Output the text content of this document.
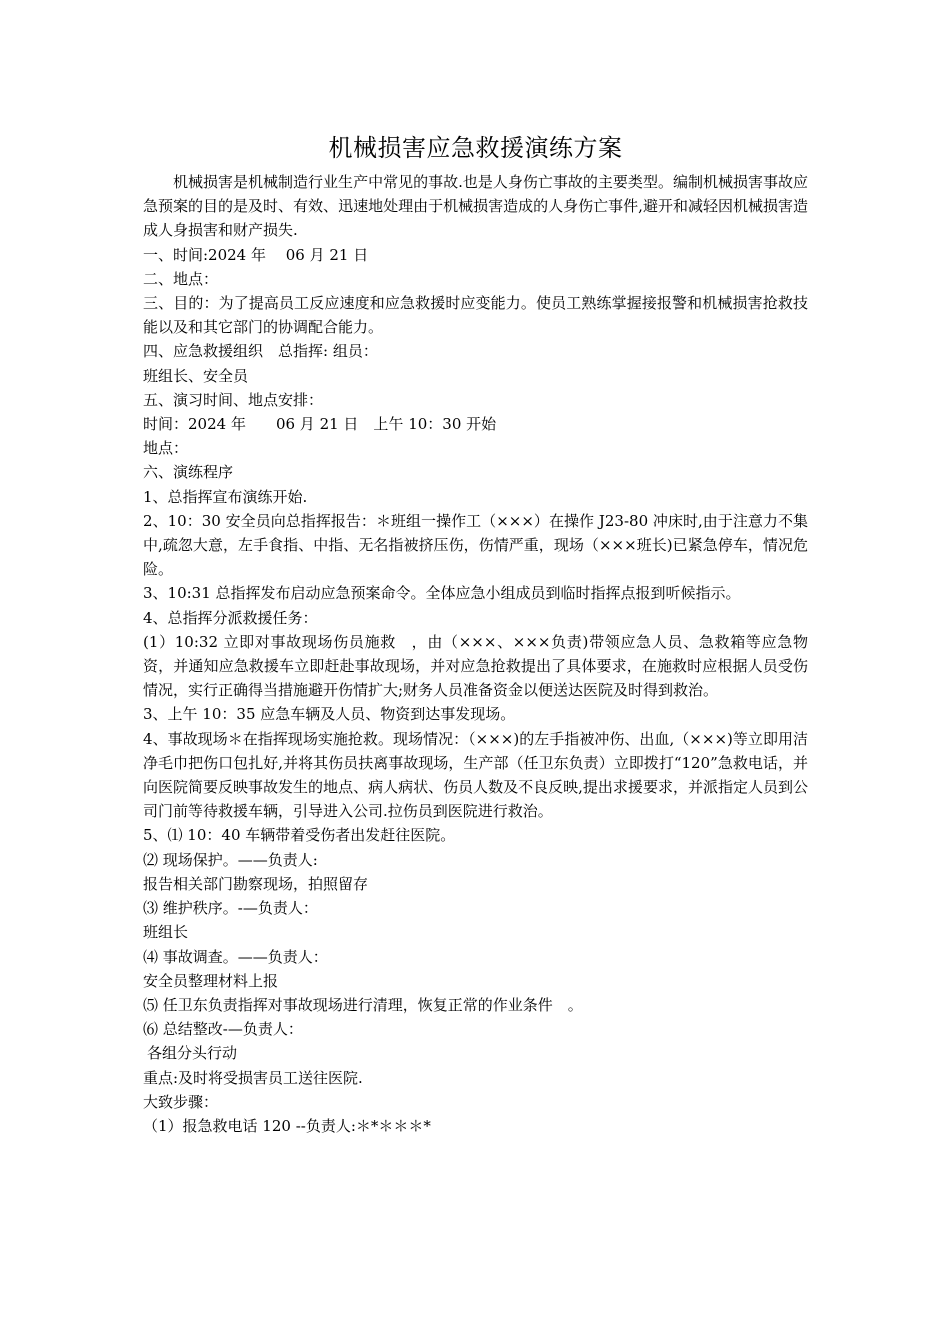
机械损害应急救援演练方案

机械损害是机械制造行业生产中常见的事故.也是人身伤亡事故的主要类型。编制机械损害事故应急预案的目的是及时、有效、迅速地处理由于机械损害造成的人身伤亡事件,避开和减轻因机械损害造成人身损害和财产损失.

一、时间:2024 年　 06 月 21 日

二、地点：

三、目的：为了提高员工反应速度和应急救援时应变能力。使员工熟练掌握接报警和机械损害抢救技能以及和其它部门的协调配合能力。

四、应急救援组织　总指挥: 组员：

班组长、安全员

五、演习时间、地点安排：

时间：2024 年　　06 月 21 日　上午 10：30 开始

地点：

六、演练程序

1、总指挥宣布演练开始.

2、10：30 安全员向总指挥报告：＊班组一操作工（×××）在操作 J23-80 冲床时,由于注意力不集中,疏忽大意，左手食指、中指、无名指被挤压伤，伤情严重，现场（×××班长)已紧急停车，情况危险。

3、10:31 总指挥发布启动应急预案命令。全体应急小组成员到临时指挥点报到听候指示。

4、总指挥分派救援任务：

(1）10:32 立即对事故现场伤员施救　，由（×××、×××负责)带领应急人员、急救箱等应急物资，并通知应急救援车立即赶赴事故现场，并对应急抢救提出了具体要求，在施救时应根据人员受伤情况，实行正确得当措施避开伤情扩大;财务人员准备资金以便送达医院及时得到救治。

3、上午 10：35 应急车辆及人员、物资到达事发现场。

4、事故现场＊在指挥现场实施抢救。现场情况：（×××)的左手指被冲伤、出血,（×××)等立即用洁净毛巾把伤口包扎好,并将其伤员扶离事故现场，生产部（任卫东负责）立即拨打“120”急救电话，并向医院简要反映事故发生的地点、病人病状、伤员人数及不良反映,提出求援要求，并派指定人员到公司门前等待救援车辆，引导进入公司.拉伤员到医院进行救治。

5、⑴ 10：40 车辆带着受伤者出发赶往医院。

⑵ 现场保护。——负责人:

报告相关部门勘察现场，拍照留存

⑶ 维护秩序。-—负责人：

班组长

⑷ 事故调查。——负责人：

安全员整理材料上报

⑸ 任卫东负责指挥对事故现场进行清理，恢复正常的作业条件　。

⑹ 总结整改-—负责人：

各组分头行动

重点:及时将受损害员工送往医院.

大致步骤：

（1）报急救电话 120 --负责人:＊*＊＊＊*
